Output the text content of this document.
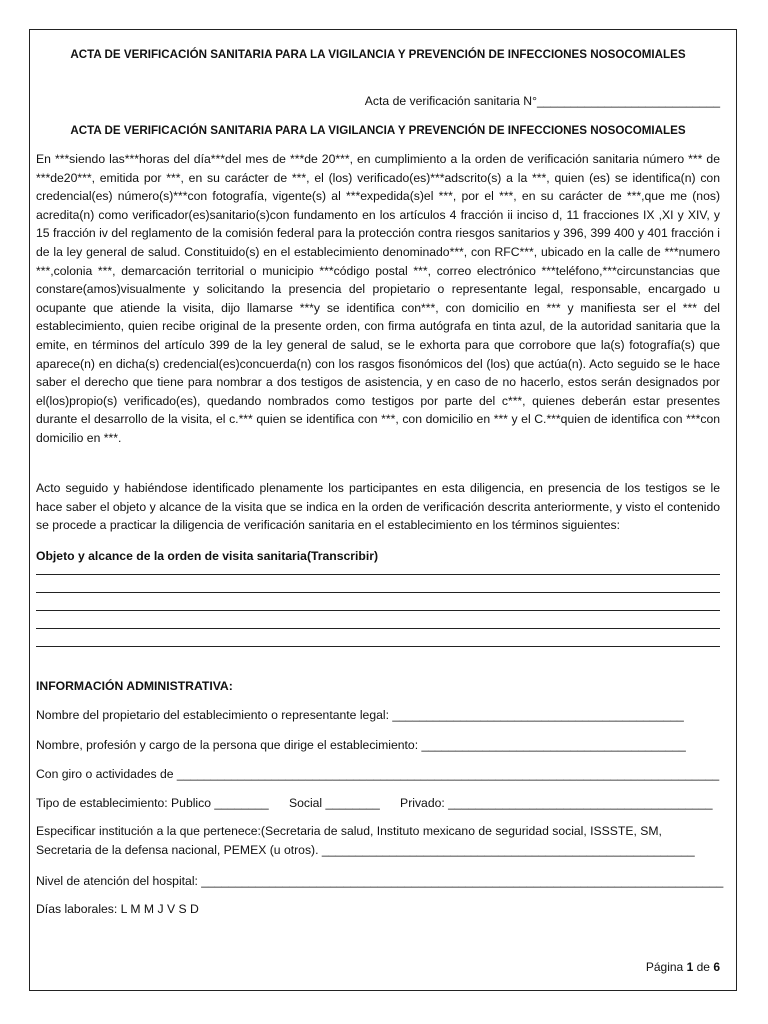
ACTA DE VERIFICACIÓN SANITARIA PARA LA VIGILANCIA Y PREVENCIÓN DE INFECCIONES NOSOCOMIALES
Acta de verificación sanitaria N°___________________________
ACTA DE VERIFICACIÓN SANITARIA PARA LA VIGILANCIA Y PREVENCIÓN DE INFECCIONES NOSOCOMIALES
En ***siendo las***horas del día***del mes de ***de 20***, en cumplimiento a la orden de verificación sanitaria número *** de ***de20***, emitida por ***, en su carácter de ***, el (los) verificado(es)***adscrito(s) a la ***, quien (es) se identifica(n) con credencial(es) número(s)***con fotografía, vigente(s) al ***expedida(s)el ***, por el ***, en su carácter de ***,que me (nos) acredita(n) como verificador(es)sanitario(s)con fundamento en los artículos 4 fracción ii inciso d, 11 fracciones IX ,XI y XIV, y 15 fracción iv del reglamento de la comisión federal para la protección contra riesgos sanitarios y 396, 399 400 y 401 fracción i de la ley general de salud. Constituido(s) en el establecimiento denominado***, con RFC***, ubicado en la calle de ***numero ***,colonia ***, demarcación territorial o municipio ***código postal ***, correo electrónico ***teléfono,***circunstancias que constare(amos)visualmente y solicitando la presencia del propietario o representante legal, responsable, encargado u ocupante que atiende la visita, dijo llamarse ***y se identifica con***, con domicilio en *** y manifiesta ser el *** del establecimiento, quien recibe original de la presente orden, con firma autógrafa en tinta azul, de la autoridad sanitaria que la emite, en términos del artículo 399 de la ley general de salud, se le exhorta para que corrobore que la(s) fotografía(s) que aparece(n) en dicha(s) credencial(es)concuerda(n) con los rasgos fisonómicos del (los) que actúa(n). Acto seguido se le hace saber el derecho que tiene para nombrar a dos testigos de asistencia, y en caso de no hacerlo, estos serán designados por el(los)propio(s) verificado(es), quedando nombrados como testigos por parte del c***, quienes deberán estar presentes durante el desarrollo de la visita, el c.*** quien se identifica con ***, con domicilio en *** y el C.***quien de identifica con ***con domicilio en ***.
Acto seguido y habiéndose identificado plenamente los participantes en esta diligencia, en presencia de los testigos se le hace saber el objeto y alcance de la visita que se indica en la orden de verificación descrita anteriormente, y visto el contenido se procede a practicar la diligencia de verificación sanitaria en el establecimiento en los términos siguientes:
Objeto y alcance de la orden de visita sanitaria(Transcribir)
INFORMACIÓN ADMINISTRATIVA:
Nombre del propietario del establecimiento o representante legal: ___________________________________________
Nombre, profesión y cargo de la persona que dirige el establecimiento: _______________________________________
Con giro o actividades de ________________________________________________________________________________
Tipo de establecimiento: Publico ________      Social ________      Privado: _______________________________________
Especificar institución a la que pertenece:(Secretaria de salud, Instituto mexicano de seguridad social, ISSSTE, SM, Secretaria de la defensa nacional, PEMEX (u otros). _______________________________________________________
Nivel de atención del hospital: _____________________________________________________________________________
Días laborales: L M M J V S D
Página 1 de 6
